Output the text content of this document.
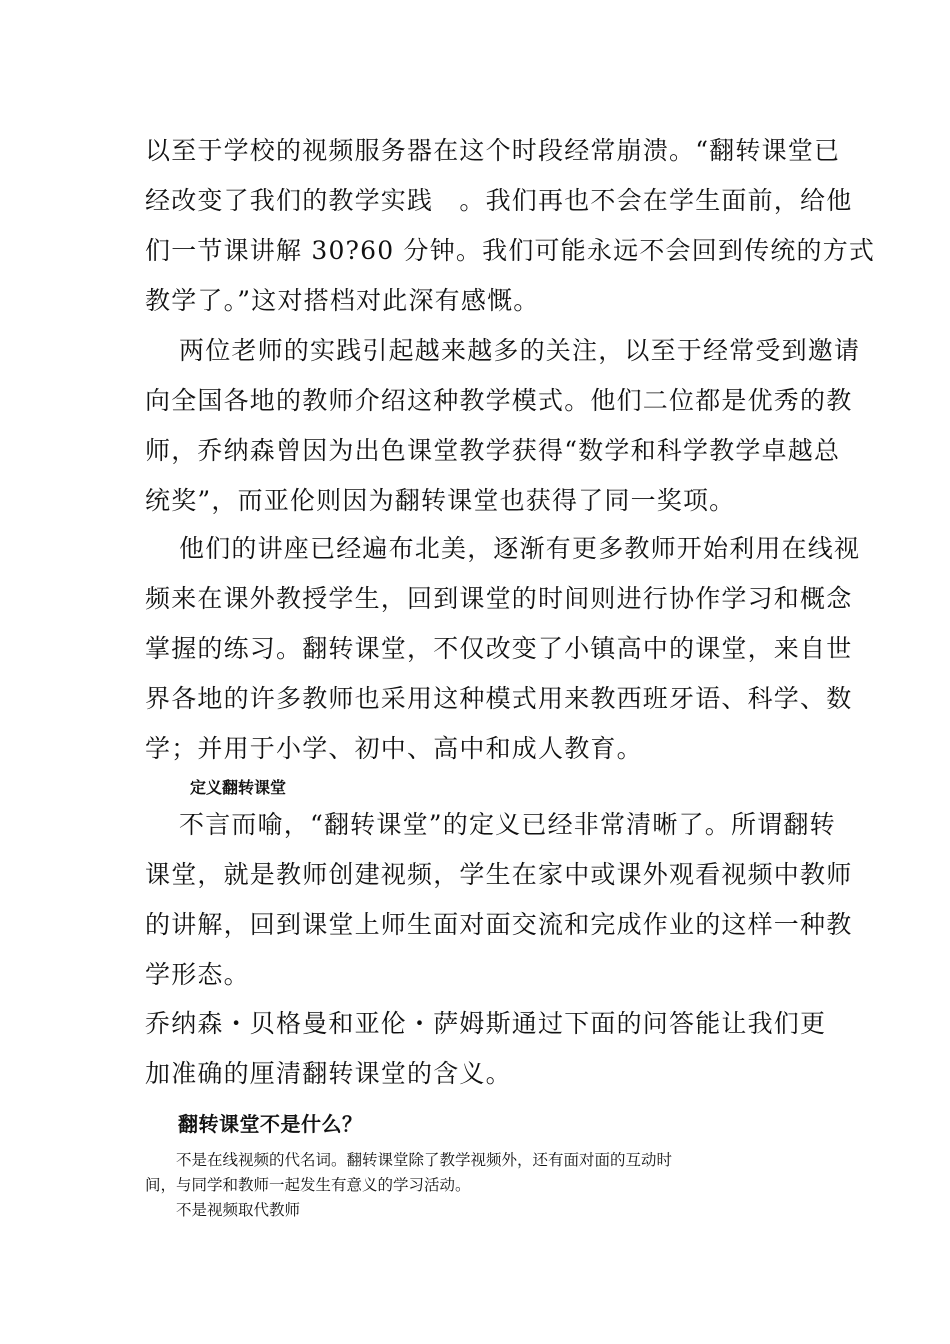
以至于学校的视频服务器在这个时段经常崩溃。“翻转课堂已
经改变了我们的教学实践　。我们再也不会在学生面前，给他
们一节课讲解 30?60 分钟。我们可能永远不会回到传统的方式
教学了。”这对搭档对此深有感慨。

两位老师的实践引起越来越多的关注，以至于经常受到邀请
向全国各地的教师介绍这种教学模式。他们二位都是优秀的教
师，乔纳森曾因为出色课堂教学获得“数学和科学教学卓越总
统奖”，而亚伦则因为翻转课堂也获得了同一奖项。

他们的讲座已经遍布北美，逐渐有更多教师开始利用在线视
频来在课外教授学生，回到课堂的时间则进行协作学习和概念
掌握的练习。翻转课堂，不仅改变了小镇高中的课堂，来自世
界各地的许多教师也采用这种模式用来教西班牙语、科学、数
学；并用于小学、初中、高中和成人教育。

定义翻转课堂

不言而喻，“翻转课堂”的定义已经非常清晰了。所谓翻转
课堂，就是教师创建视频，学生在家中或课外观看视频中教师
的讲解，回到课堂上师生面对面交流和完成作业的这样一种教
学形态。

乔纳森・贝格曼和亚伦・萨姆斯通过下面的问答能让我们更
加准确的厘清翻转课堂的含义。

翻转课堂不是什么？

不是在线视频的代名词。翻转课堂除了教学视频外，还有面对面的互动时
间，与同学和教师一起发生有意义的学习活动。

不是视频取代教师
